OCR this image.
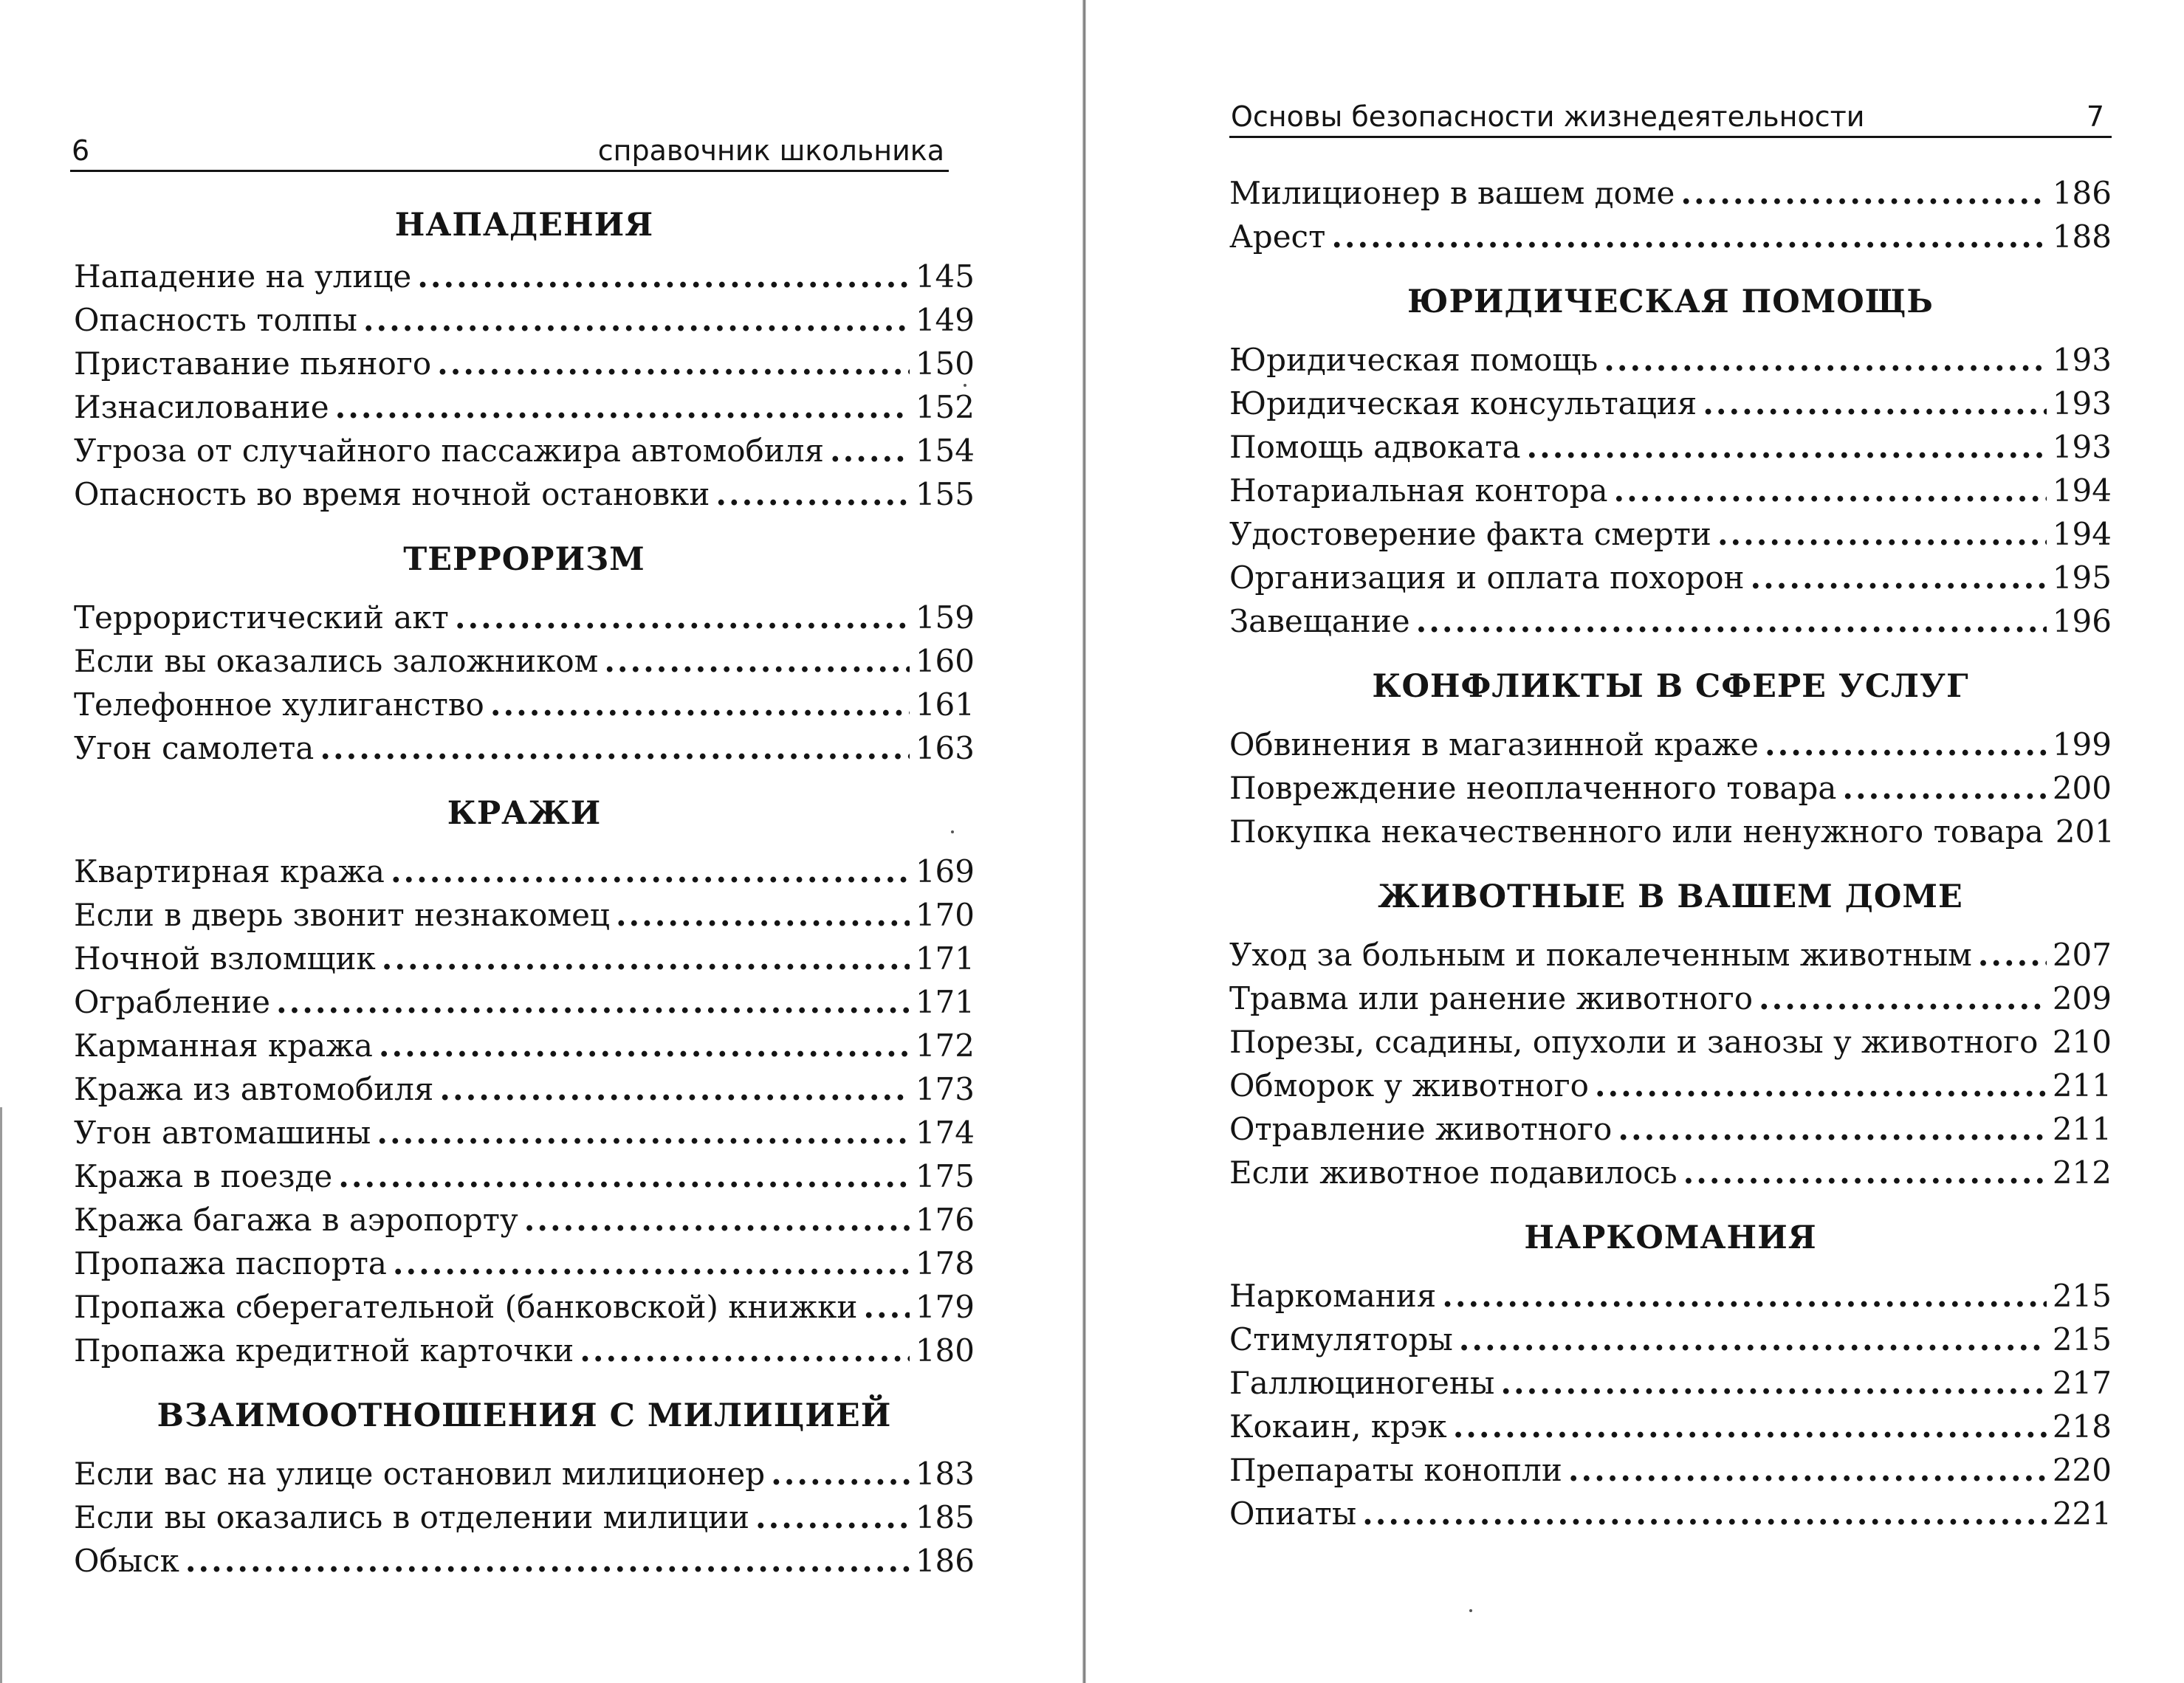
6	справочник школьника
НАПАДЕНИЯ
Нападение на улице .....	145
Опасность толпы .....	149
Приставание пьяного .....	150
Изнасилование .....	152
Угроза от случайного пассажира автомобиля .....	154
Опасность во время ночной остановки .....	155
ТЕРРОРИЗМ
Террористический акт .....	159
Если вы оказались заложником .....	160
Телефонное хулиганство .....	161
Угон самолета .....	163
КРАЖИ
Квартирная кража .....	169
Если в дверь звонит незнакомец .....	170
Ночной взломщик .....	171
Ограбление .....	171
Карманная кража .....	172
Кража из автомобиля .....	173
Угон автомашины .....	174
Кража в поезде .....	175
Кража багажа в аэропорту .....	176
Пропажа паспорта .....	178
Пропажа сберегательной (банковской) книжки ..... 179
Пропажа кредитной карточки .....	180
ВЗАИМООТНОШЕНИЯ С МИЛИЦИЕЙ
Если вас на улице остановил милиционер .....	183
Если вы оказались в отделении милиции .....	185
Обыск .....	186
Основы безопасности жизнедеятельности	7
Милиционер в вашем доме .....	186
Арест .....	188
ЮРИДИЧЕСКАЯ ПОМОЩЬ
Юридическая помощь .....	193
Юридическая консультация .....	193
Помощь адвоката .....	193
Нотариальная контора .....	194
Удостоверение факта смерти .....	194
Организация и оплата похорон .....	195
Завещание .....	196
КОНФЛИКТЫ В СФЕРЕ УСЛУГ
Обвинения в магазинной краже .....	199
Повреждение неоплаченного товара .....	200
Покупка некачественного или ненужного товара 201
ЖИВОТНЫЕ В ВАШЕМ ДОМЕ
Уход за больным и покалеченным животным .....	207
Травма или ранение животного .....	209
Порезы, ссадины, опухоли и занозы у животного ..... 210
Обморок у животного .....	211
Отравление животного .....	211
Если животное подавилось .....	212
НАРКОМАНИЯ
Наркомания .....	215
Стимуляторы .....	215
Галлюциногены .....	217
Кокаин, крэк .....	218
Препараты конопли .....	220
Опиаты .....	221
